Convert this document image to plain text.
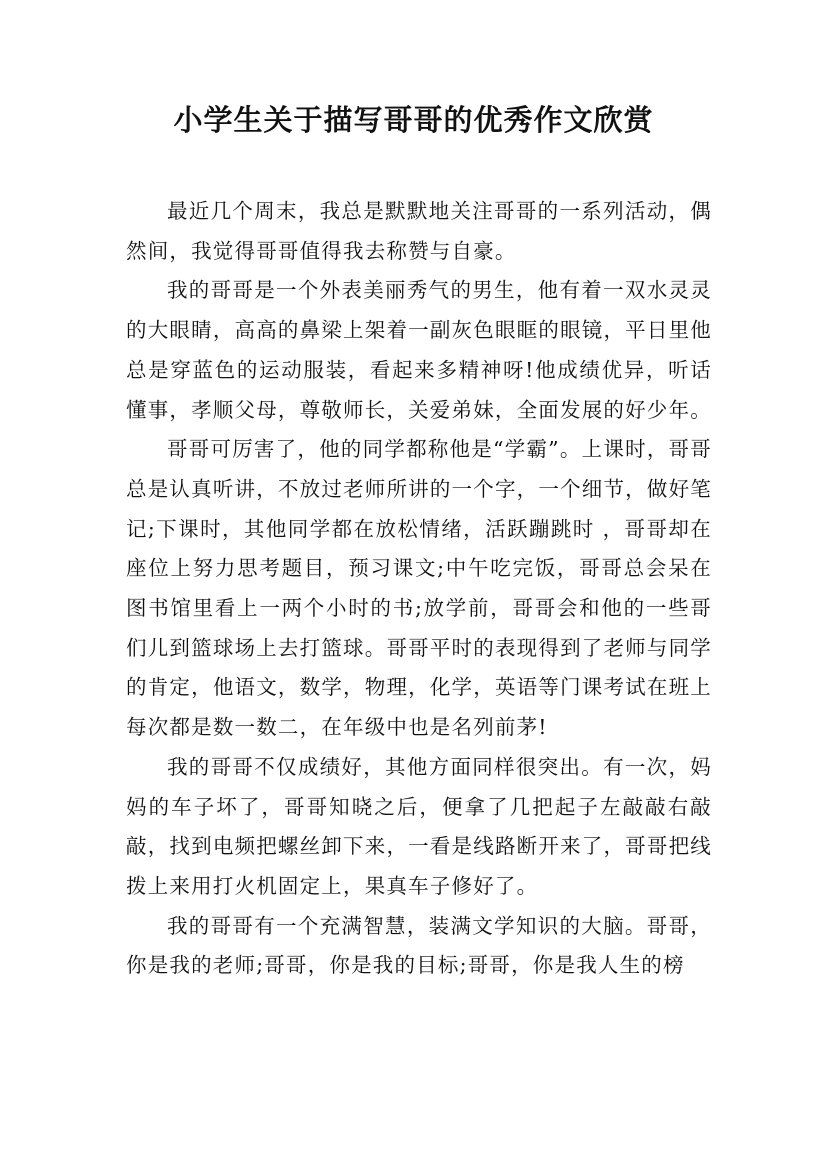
小学生关于描写哥哥的优秀作文欣赏

最近几个周末，我总是默默地关注哥哥的一系列活动，偶然间，我觉得哥哥值得我去称赞与自豪。

我的哥哥是一个外表美丽秀气的男生，他有着一双水灵灵的大眼睛，高高的鼻梁上架着一副灰色眼眶的眼镜，平日里他总是穿蓝色的运动服装，看起来多精神呀!他成绩优异，听话懂事，孝顺父母，尊敬师长，关爱弟妹，全面发展的好少年。

哥哥可厉害了，他的同学都称他是“学霸”。上课时，哥哥总是认真听讲，不放过老师所讲的一个字，一个细节，做好笔记;下课时，其他同学都在放松情绪，活跃蹦跳时 ，哥哥却在座位上努力思考题目，预习课文;中午吃完饭，哥哥总会呆在图书馆里看上一两个小时的书;放学前，哥哥会和他的一些哥们儿到篮球场上去打篮球。哥哥平时的表现得到了老师与同学的肯定，他语文，数学，物理，化学，英语等门课考试在班上每次都是数一数二，在年级中也是名列前茅!

我的哥哥不仅成绩好，其他方面同样很突出。有一次，妈妈的车子坏了，哥哥知晓之后，便拿了几把起子左敲敲右敲敲，找到电频把螺丝卸下来，一看是线路断开来了，哥哥把线拨上来用打火机固定上，果真车子修好了。

我的哥哥有一个充满智慧，装满文学知识的大脑。哥哥，你是我的老师;哥哥，你是我的目标;哥哥，你是我人生的榜
